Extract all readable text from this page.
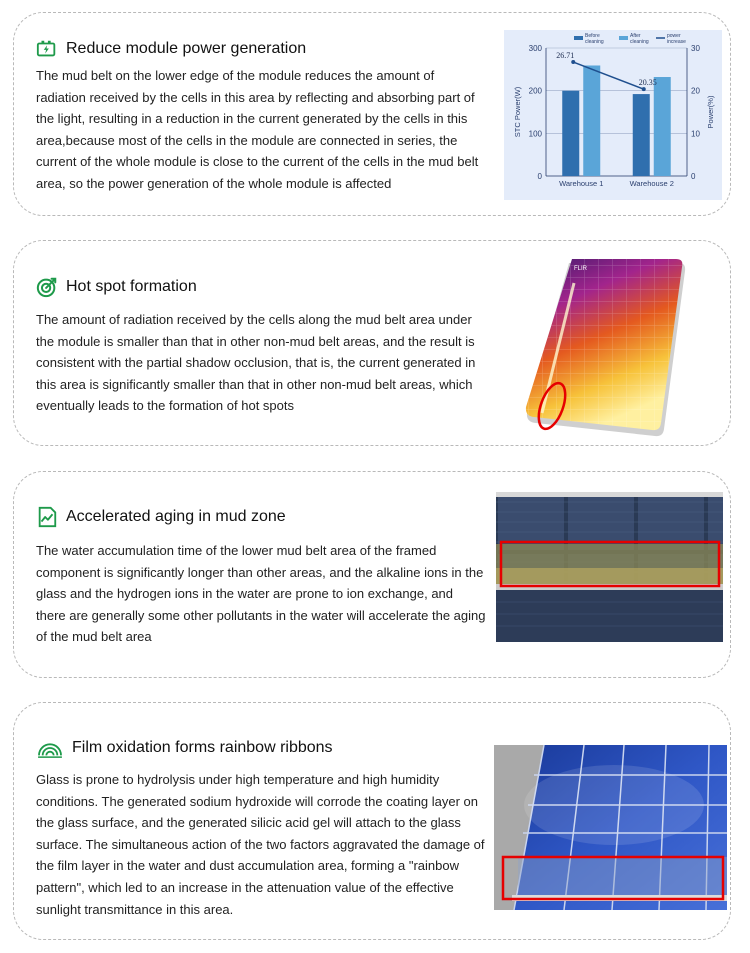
Reduce module power generation
The mud belt on the lower edge of the module reduces the amount of radiation received by the cells in this area by reflecting and absorbing part of the light, resulting in a reduction in the current generated by the cells in this area,because most of the cells in the module are connected in series, the current of the whole module is close to the current of the cells in the mud belt area, so the power generation of the whole module is affected	0
100
200
300
0
10
20
30
STC Power(W)	Power(%)
Warehouse 1	Warehouse 2
26.71
20.35
Before
cleaning
After
cleaning
power
increase
Hot spot formation
The amount of radiation received by the cells along the mud belt area under the module is smaller than that in other non-mud belt areas, and the result is consistent with the partial shadow occlusion, that is, the current generated in this area is significantly smaller than that in other non-mud belt areas, which eventually leads to the formation of hot spots
FLIR
Accelerated aging in mud zone
The water accumulation time of the lower mud belt area of the framed component is significantly longer than other areas, and the alkaline ions in the glass and the hydrogen ions in the water are prone to ion exchange, and there are generally some other pollutants in the water will accelerate the aging of the mud belt area
Film oxidation forms rainbow ribbons
Glass is prone to hydrolysis under high temperature and high humidity conditions. The generated sodium hydroxide will corrode the coating layer on the glass surface, and the generated silicic acid gel will attach to the glass surface. The simultaneous action of the two factors aggravated the damage of the film layer in the water and dust accumulation area, forming a "rainbow pattern", which led to an increase in the attenuation value of the effective sunlight transmittance in this area.
